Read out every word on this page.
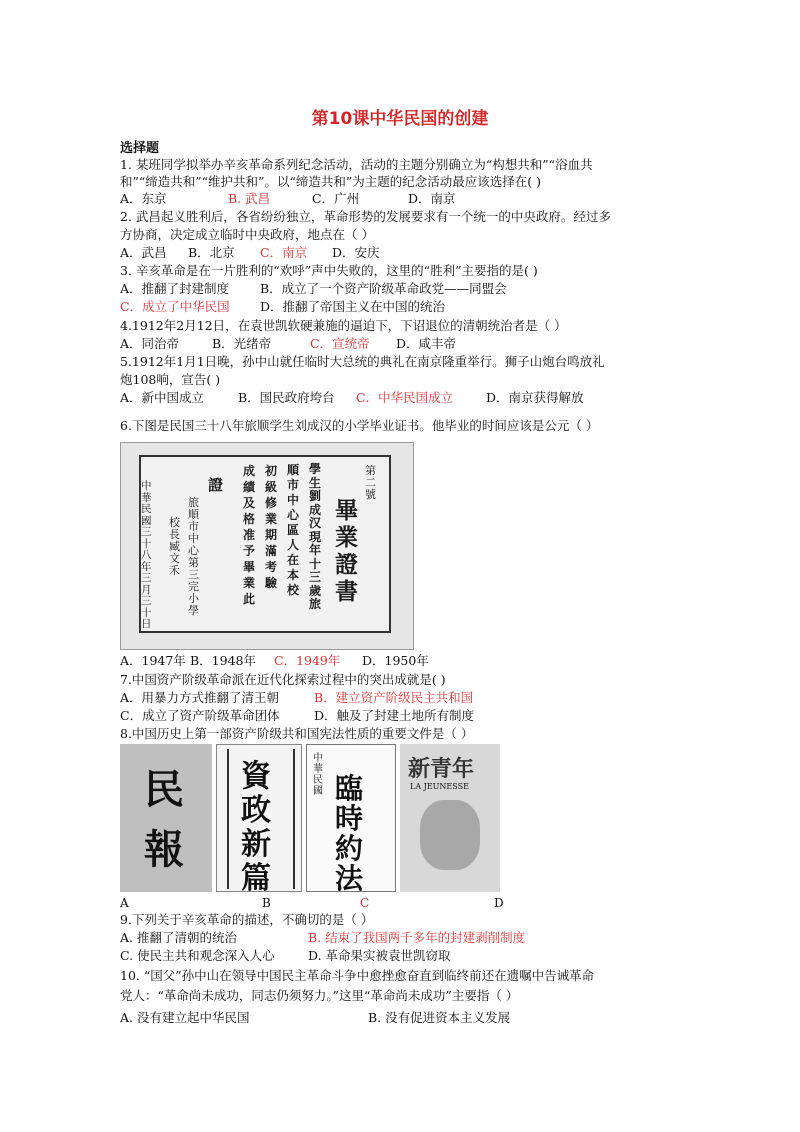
第10课中华民国的创建
选择题
1. 某班同学拟举办辛亥革命系列纪念活动，活动的主题分别确立为“构想共和”“浴血共
和”“缔造共和”“维护共和”。以“缔造共和”为主题的纪念活动最应该选择在( )
A．东京	B. 武昌	C．广州	D．南京
2. 武昌起义胜利后，各省纷纷独立，革命形势的发展要求有一个统一的中央政府。经过多
方协商，决定成立临时中央政府，地点在（ ）
A．武昌 B．北京 C．南京 D．安庆
3. 辛亥革命是在一片胜利的“欢呼”声中失败的，这里的“胜利”主要指的是( )
A．推翻了封建制度 B．成立了一个资产阶级革命政党——同盟会
C．成立了中华民国 D．推翻了帝国主义在中国的统治
4.1912年2月12日，在袁世凯软硬兼施的逼迫下，下诏退位的清朝统治者是（ ）
A．同治帝	B．光绪帝	C．宣统帝 D．咸丰帝
5.1912年1月1日晚，孙中山就任临时大总统的典礼在南京隆重举行。狮子山炮台鸣放礼
炮108响，宣告( )
A．新中国成立	B．国民政府垮台 C．中华民国成立	D．南京获得解放
6.下图是民国三十八年旅顺学生刘成汉的小学毕业证书。他毕业的时间应该是公元（ ）
第二號
畢業證書
學生劉成汉現年十三歲旅
順市中心區人在本校
初級修業期滿考驗
成績及格准予畢業此
證
旅順市中心第三完小學
校長臧文禾
中華民國三十八年三月三十日
A．1947年 B．1948年 C．1949年 D．1950年
7.中国资产阶级革命派在近代化探索过程中的突出成就是( )
A．用暴力方式推翻了清王朝	B．建立资产阶级民主共和国
C．成立了资产阶级革命团体	D．触及了封建土地所有制度
8.中国历史上第一部资产阶级共和国宪法性质的重要文件是（ ）
民
報
資
政
新
篇
中華民國 臨
時
約
法
新青年
LA JEUNESSE
A	B	C	D
9.下列关于辛亥革命的描述，不确切的是（ ）
A. 推翻了清朝的统治	B. 结束了我国两千多年的封建剥削制度
C. 使民主共和观念深入人心	D. 革命果实被袁世凯窃取
10. “国父”孙中山在领导中国民主革命斗争中愈挫愈奋直到临终前还在遗嘱中告诫革命
党人：“革命尚未成功，同志仍须努力。”这里“革命尚未成功”主要指（ ）
A. 没有建立起中华民国	B. 没有促进资本主义发展
